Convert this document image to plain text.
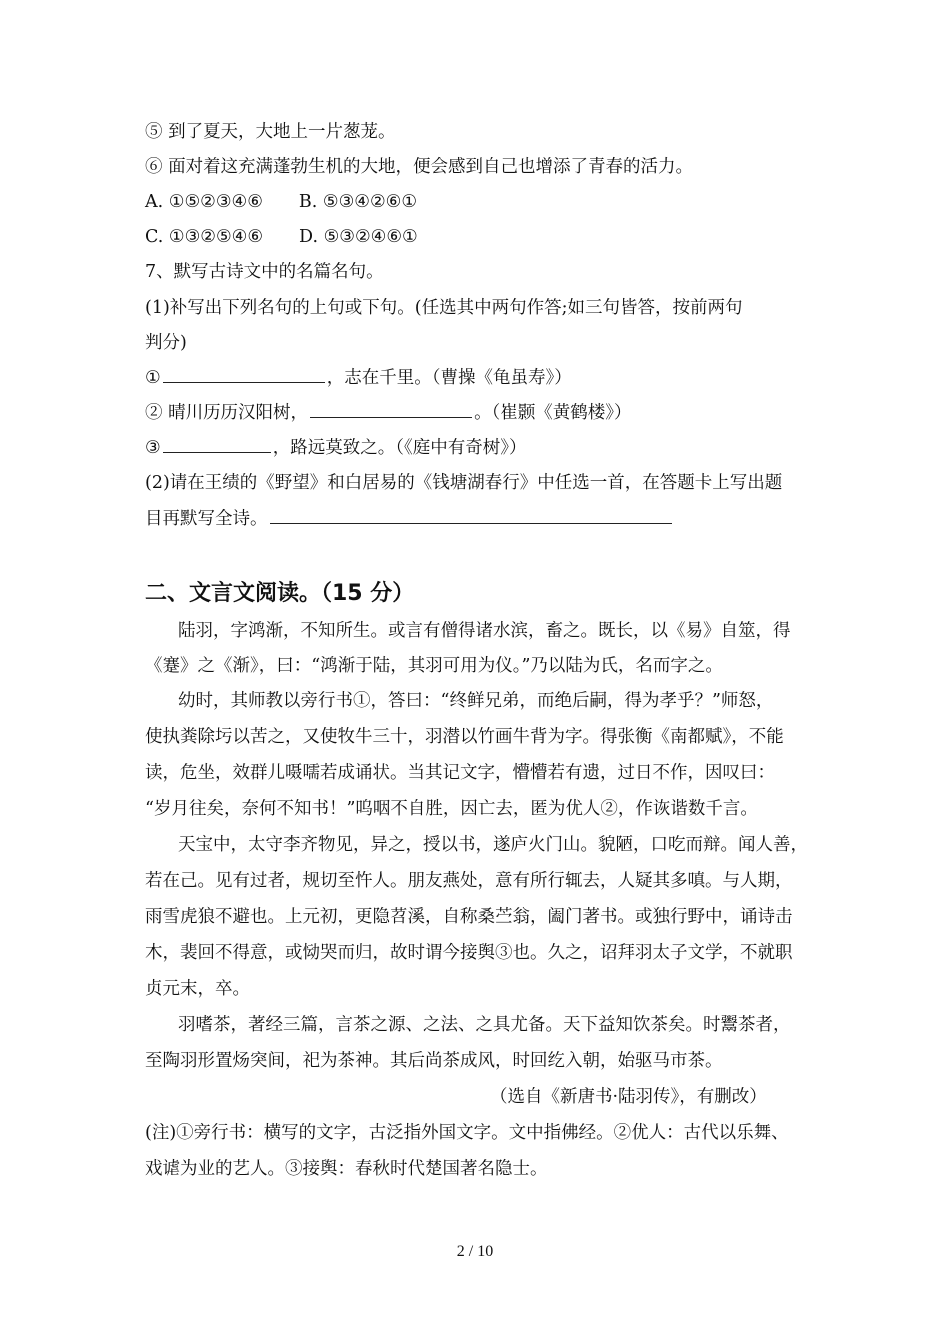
⑤ 到了夏天，大地上一片葱茏。
⑥ 面对着这充满蓬勃生机的大地，便会感到自己也增添了青春的活力。
A. ①⑤②③④⑥ B. ⑤③④②⑥①
C. ①③②⑤④⑥ D. ⑤③②④⑥①
7、默写古诗文中的名篇名句。
(1)补写出下列名句的上句或下句。(任选其中两句作答;如三句皆答，按前两句
判分)
①	，志在千里。（曹操《龟虽寿》）
② 晴川历历汉阳树，	。（崔颢《黄鹤楼》）
③	，路远莫致之。（《庭中有奇树》）
(2)请在王绩的《野望》和白居易的《钱塘湖春行》中任选一首，在答题卡上写出题
目再默写全诗。
二、文言文阅读。（15 分）
陆羽，字鸿渐，不知所生。或言有僧得诸水滨，畜之。既长，以《易》自筮，得
《蹇》之《渐》，曰：“鸿渐于陆，其羽可用为仪。”乃以陆为氏，名而字之。
幼时，其师教以旁行书①，答曰：“终鲜兄弟，而绝后嗣，得为孝乎？”师怒，
使执粪除圬以苦之，又使牧牛三十，羽潜以竹画牛背为字。得张衡《南都赋》，不能
读，危坐，效群儿嗫嚅若成诵状。当其记文字，懵懵若有遗，过日不作，因叹曰：
“岁月往矣，奈何不知书！”呜咽不自胜，因亡去，匿为优人②，作诙谐数千言。
天宝中，太守李齐物见，异之，授以书，遂庐火门山。貌陋，口吃而辩。闻人善，
若在己。见有过者，规切至忤人。朋友燕处，意有所行辄去，人疑其多嗔。与人期，
雨雪虎狼不避也。上元初，更隐苕溪，自称桑苎翁，阖门著书。或独行野中，诵诗击
木，裴回不得意，或恸哭而归，故时谓今接舆③也。久之，诏拜羽太子文学，不就职
贞元末，卒。
羽嗜茶，著经三篇，言茶之源、之法、之具尤备。天下益知饮茶矣。时鬻茶者，
至陶羽形置炀突间，祀为茶神。其后尚茶成风，时回纥入朝，始驱马市茶。
（选自《新唐书·陆羽传》，有删改）
(注)①旁行书：横写的文字，古泛指外国文字。文中指佛经。②优人：古代以乐舞、
戏谑为业的艺人。③接舆：春秋时代楚国著名隐士。
2 / 10
